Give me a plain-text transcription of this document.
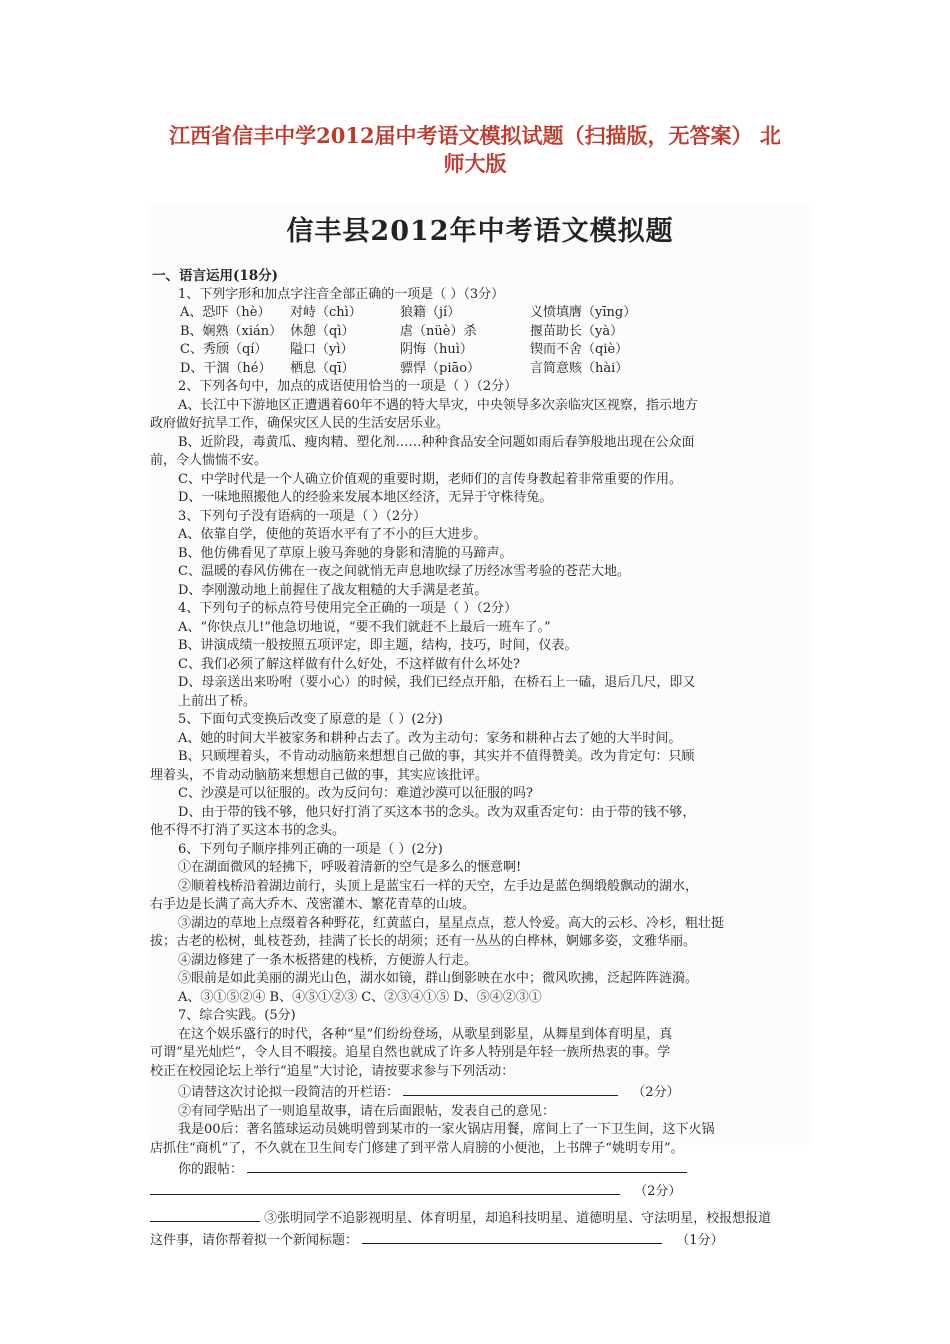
江西省信丰中学2012届中考语文模拟试题（扫描版，无答案） 北
师大版
信丰县2012年中考语文模拟题
一、语言运用(18分)
1、下列字形和加点字注音全部正确的一项是（ ）（3分）
A、恐吓（hè）	对峙（chì）	狼籍（jí）	义愤填膺（yīng）
B、娴熟（xián） 休憩（qì）	虐（nüè）杀	揠苗助长（yà）
C、秀颀（qí）	隘口（yì）	阴悔（huì）	锲而不舍（qiè）
D、干涸（hé）	栖息（qī）	骠悍（piāo）	言简意赅（hài）
2、下列各句中，加点的成语使用恰当的一项是（ ）（2分）
A、长江中下游地区正遭遇着60年不遇的特大旱灾，中央领导多次亲临灾区视察，指示地方
政府做好抗旱工作，确保灾区人民的生活安居乐业。
B、近阶段，毒黄瓜、瘦肉精、塑化剂……种种食品安全问题如雨后春笋般地出现在公众面
前，令人惴惴不安。
C、中学时代是一个人确立价值观的重要时期，老师们的言传身教起着非常重要的作用。
D、一味地照搬他人的经验来发展本地区经济，无异于守株待兔。
3、下列句子没有语病的一项是（ ）（2分）
A、依靠自学，使他的英语水平有了不小的巨大进步。
B、他仿佛看见了草原上骏马奔驰的身影和清脆的马蹄声。
C、温暖的春风仿佛在一夜之间就悄无声息地吹绿了历经冰雪考验的苍茫大地。
D、李刚激动地上前握住了战友粗糙的大手满是老茧。
4、下列句子的标点符号使用完全正确的一项是（ ）（2分）
A、“你快点儿!”他急切地说，“要不我们就赶不上最后一班车了。”
B、讲演成绩一般按照五项评定，即主题，结构，技巧，时间，仪表。
C、我们必须了解这样做有什么好处，不这样做有什么坏处?
D、母亲送出来吩咐（要小心）的时候，我们已经点开船，在桥石上一磕，退后几尺，即又
上前出了桥。
5、下面句式变换后改变了原意的是（ ）(2分)
A、她的时间大半被家务和耕种占去了。改为主动句：家务和耕种占去了她的大半时间。
B、只顾埋着头，不肯动动脑筋来想想自己做的事，其实并不值得赞美。改为肯定句：只顾
埋着头，不肯动动脑筋来想想自己做的事，其实应该批评。
C、沙漠是可以征服的。改为反问句：难道沙漠可以征服的吗?
D、由于带的钱不够，他只好打消了买这本书的念头。改为双重否定句：由于带的钱不够，
他不得不打消了买这本书的念头。
6、下列句子顺序排列正确的一项是（ ）(2分)
①在湖面微风的轻拂下，呼吸着清新的空气是多么的惬意啊!
②顺着栈桥沿着湖边前行，头顶上是蓝宝石一样的天空，左手边是蓝色绸缎般飘动的湖水，
右手边是长满了高大乔木、茂密灌木、繁花青草的山坡。
③湖边的草地上点缀着各种野花，红黄蓝白，星星点点，惹人怜爱。高大的云杉、冷杉，粗壮挺
拔；古老的松树，虬枝苍劲，挂满了长长的胡须；还有一丛丛的白桦林，婀娜多姿，文雅华丽。
④湖边修建了一条木板搭建的栈桥，方便游人行走。
⑤眼前是如此美丽的湖光山色，湖水如镜，群山倒影映在水中；微风吹拂，泛起阵阵涟漪。
A、③①⑤②④ B、④⑤①②③ C、②③④①⑤ D、⑤④②③①
7、综合实践。(5分)
在这个娱乐盛行的时代，各种“星”们纷纷登场，从歌星到影星，从舞星到体育明星，真
可谓“星光灿烂”，令人目不暇接。追星自然也就成了许多人特别是年轻一族所热衷的事。学
校正在校园论坛上举行“追星”大讨论，请按要求参与下列活动：
①请替这次讨论拟一段简洁的开栏语：	（2分）
②有同学贴出了一则追星故事，请在后面跟帖，发表自己的意见：
我是00后：著名篮球运动员姚明曾到某市的一家火锅店用餐，席间上了一下卫生间，这下火锅
店抓住“商机”了，不久就在卫生间专门修建了到平常人肩膀的小便池，上书牌子“姚明专用”。
你的跟帖：
（2分）
③张明同学不追影视明星、体育明星，却追科技明星、道德明星、守法明星，校报想报道
这件事，请你帮着拟一个新闻标题：	（1分）
